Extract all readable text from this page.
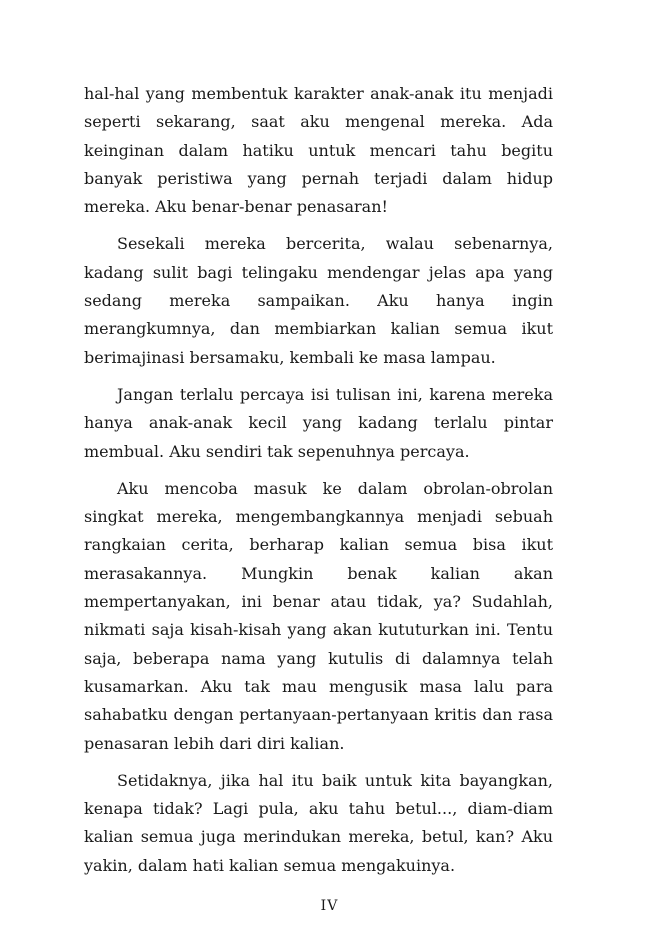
hal-hal yang membentuk karakter anak-anak itu menjadi seperti sekarang, saat aku mengenal mereka. Ada keinginan dalam hatiku untuk mencari tahu begitu banyak peristiwa yang pernah terjadi dalam hidup mereka. Aku benar-benar penasaran!

Sesekali mereka bercerita, walau sebenarnya, kadang sulit bagi telingaku mendengar jelas apa yang sedang mereka sampaikan. Aku hanya ingin merangkumnya, dan membiarkan kalian semua ikut berimajinasi bersamaku, kembali ke masa lampau.

Jangan terlalu percaya isi tulisan ini, karena mereka hanya anak-anak kecil yang kadang terlalu pintar membual. Aku sendiri tak sepenuhnya percaya.

Aku mencoba masuk ke dalam obrolan-obrolan singkat mereka, mengembangkannya menjadi sebuah rangkaian cerita, berharap kalian semua bisa ikut merasakannya. Mungkin benak kalian akan mempertanyakan, ini benar atau tidak, ya? Sudahlah, nikmati saja kisah-kisah yang akan kututurkan ini. Tentu saja, beberapa nama yang kutulis di dalamnya telah kusamarkan. Aku tak mau mengusik masa lalu para sahabatku dengan pertanyaan-pertanyaan kritis dan rasa penasaran lebih dari diri kalian.

Setidaknya, jika hal itu baik untuk kita bayangkan, kenapa tidak? Lagi pula, aku tahu betul..., diam-diam kalian semua juga merindukan mereka, betul, kan? Aku yakin, dalam hati kalian semua mengakuinya.

IV
